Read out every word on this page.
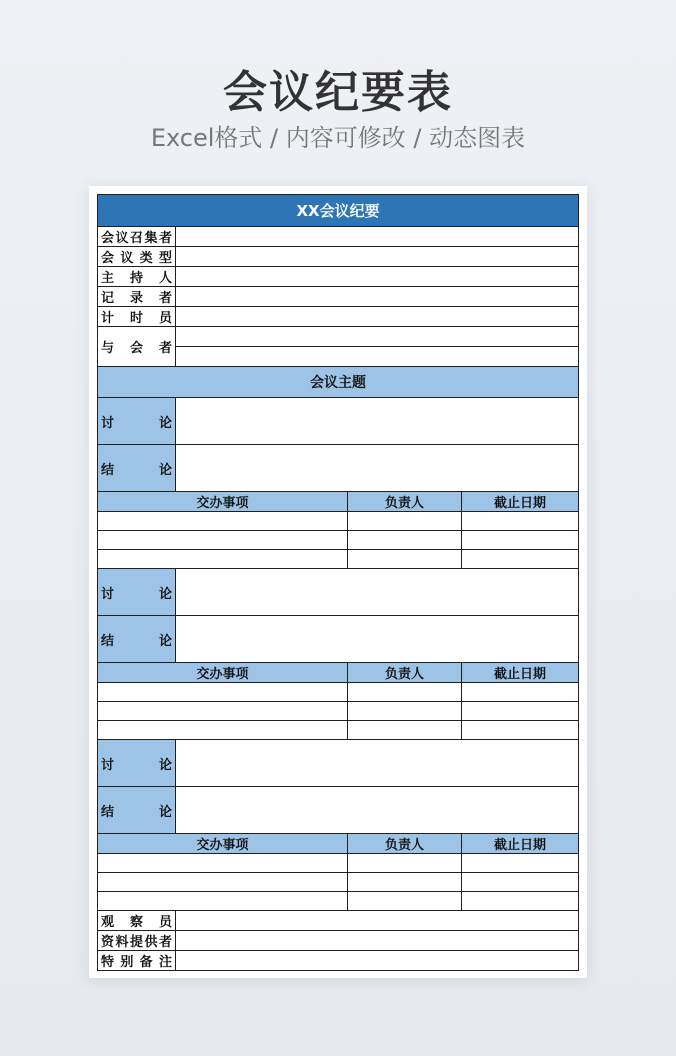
会议纪要表
Excel格式 / 内容可修改 / 动态图表
XX会议纪要			

会 议 召 集 者			

会 议 类 型			

主 持 人			

记 录 者			

计 时 员			

与 会 者			

会议主题			

讨 论			

结 论			

交办事项		负责人	截止日期

讨 论			

结 论			

交办事项		负责人	截止日期

讨 论			

结 论			

交办事项		负责人	截止日期

观 察 员			

资 料 提 供 者			

特 别 备 注			
